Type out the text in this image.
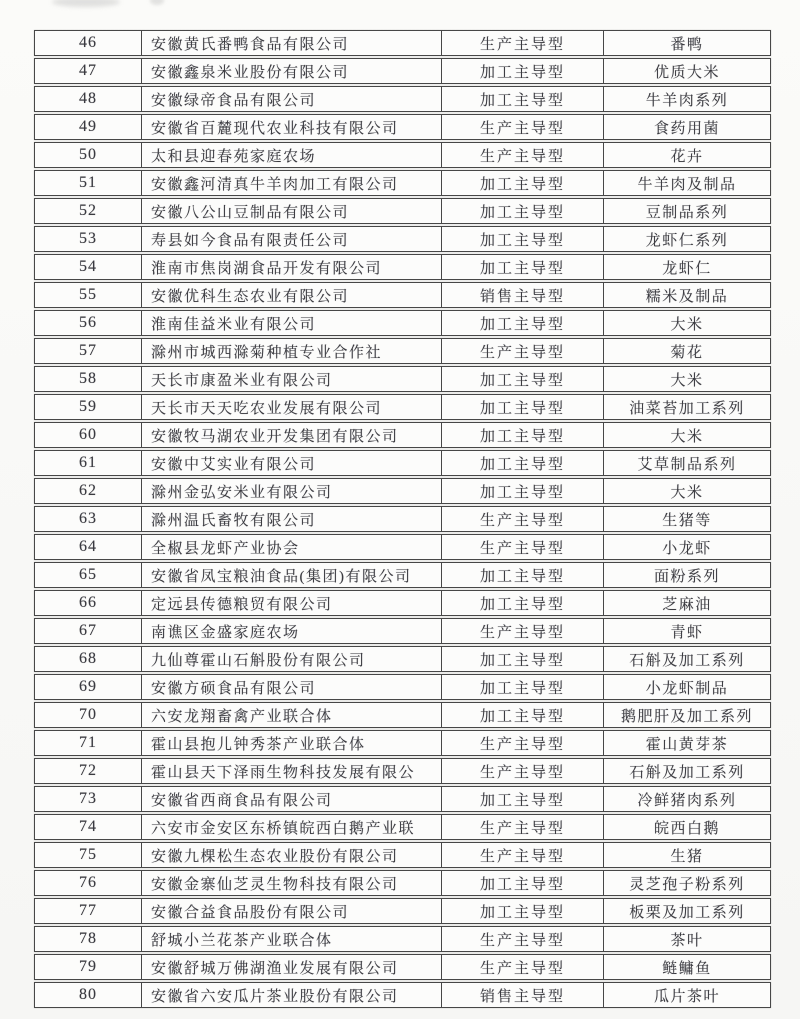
46	安徽黄氏番鸭食品有限公司	生产主导型	番鸭
47	安徽鑫泉米业股份有限公司	加工主导型	优质大米
48	安徽绿帝食品有限公司	加工主导型	牛羊肉系列
49	安徽省百麓现代农业科技有限公司	生产主导型	食药用菌
50	太和县迎春苑家庭农场	生产主导型	花卉
51	安徽鑫河清真牛羊肉加工有限公司	加工主导型	牛羊肉及制品
52	安徽八公山豆制品有限公司	加工主导型	豆制品系列
53	寿县如今食品有限责任公司	加工主导型	龙虾仁系列
54	淮南市焦岗湖食品开发有限公司	加工主导型	龙虾仁
55	安徽优科生态农业有限公司	销售主导型	糯米及制品
56	淮南佳益米业有限公司	加工主导型	大米
57	滁州市城西滁菊种植专业合作社	生产主导型	菊花
58	天长市康盈米业有限公司	加工主导型	大米
59	天长市天天吃农业发展有限公司	加工主导型	油菜苔加工系列
60	安徽牧马湖农业开发集团有限公司	加工主导型	大米
61	安徽中艾实业有限公司	加工主导型	艾草制品系列
62	滁州金弘安米业有限公司	加工主导型	大米
63	滁州温氏畜牧有限公司	生产主导型	生猪等
64	全椒县龙虾产业协会	生产主导型	小龙虾
65	安徽省凤宝粮油食品(集团)有限公司	加工主导型	面粉系列
66	定远县传德粮贸有限公司	加工主导型	芝麻油
67	南谯区金盛家庭农场	生产主导型	青虾
68	九仙尊霍山石斛股份有限公司	加工主导型	石斛及加工系列
69	安徽方硕食品有限公司	加工主导型	小龙虾制品
70	六安龙翔畜禽产业联合体	加工主导型	鹅肥肝及加工系列
71	霍山县抱儿钟秀茶产业联合体	生产主导型	霍山黄芽茶
72	霍山县天下泽雨生物科技发展有限公	生产主导型	石斛及加工系列
73	安徽省西商食品有限公司	加工主导型	冷鲜猪肉系列
74	六安市金安区东桥镇皖西白鹅产业联	生产主导型	皖西白鹅
75	安徽九棵松生态农业股份有限公司	生产主导型	生猪
76	安徽金寨仙芝灵生物科技有限公司	加工主导型	灵芝孢子粉系列
77	安徽合益食品股份有限公司	加工主导型	板栗及加工系列
78	舒城小兰花茶产业联合体	生产主导型	茶叶
79	安徽舒城万佛湖渔业发展有限公司	生产主导型	鲢鳙鱼
80	安徽省六安瓜片茶业股份有限公司	销售主导型	瓜片茶叶
